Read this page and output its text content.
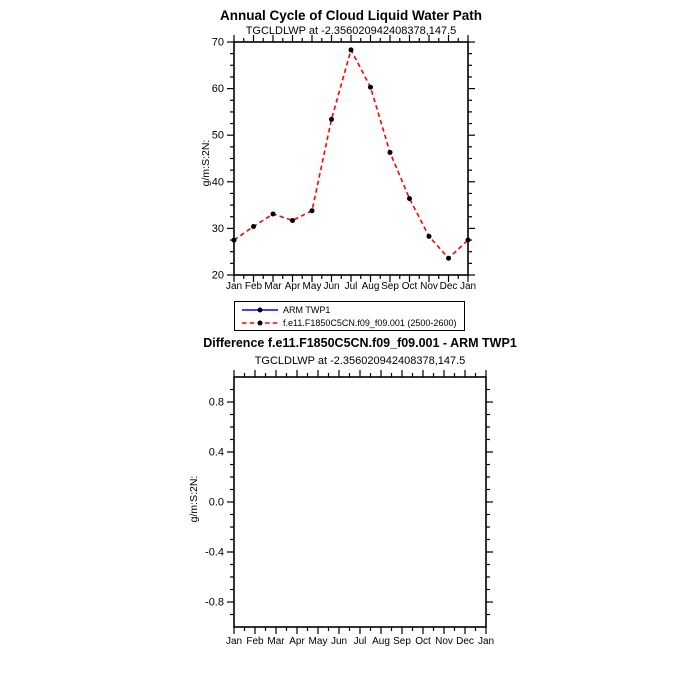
Annual Cycle of Cloud Liquid Water Path
TGCLDLWP at -2.356020942408378,147.5
g/m:S:2N:
Difference f.e11.F1850C5CN.f09_f09.001 - ARM TWP1
TGCLDLWP at -2.356020942408378,147.5
g/m:S:2N:
Jan Feb Mar Apr May Jun Jul Aug Sep Oct Nov Dec Jan
20
30
40
50
60
70
Jan Feb Mar Apr May Jun Jul Aug Sep Oct Nov Dec Jan
-0.8
-0.4
0.0
0.4
0.8
ARM TWP1
f.e11.F1850C5CN.f09_f09.001 (2500-2600)
